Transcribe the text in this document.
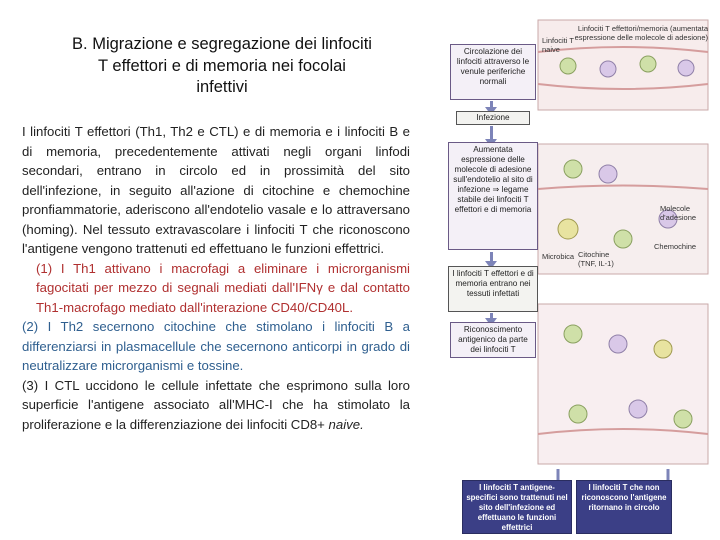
B. Migrazione e segregazione dei linfociti
T effettori e di memoria nei focolai
infettivi

I linfociti T effettori (Th1, Th2 e CTL) e di memoria e i linfociti B e di memoria, precedentemente attivati negli organi linfodi secondari, entrano in circolo ed in prossimità del sito dell'infezione, in seguito all'azione di citochine e chemochine pronfiammatorie, aderiscono all'endotelio vasale e lo attraversano (homing). Nel tessuto extravascolare i linfociti T che riconoscono l'antigene vengono trattenuti ed effettuano le funzioni effettrici.

(1) I Th1 attivano i macrofagi a eliminare i microrganismi fagocitati per mezzo di segnali mediati dall'IFNγ e dal contatto Th1-macrofago mediato dall'interazione CD40/CD40L.

(2) I Th2 secernono citochine che stimolano i linfociti B a differenziarsi in plasmacellule che secernono anticorpi in grado di neutralizzare microrganismi e tossine.

(3) I CTL uccidono le cellule infettate che esprimono sulla loro superficie l'antigene associato all'MHC-I che ha stimolato la proliferazione e la differenziazione dei linfociti CD8+ naive.

Linfociti T effettori/memoria (aumentata espressione delle molecole di adesione)
Linfociti T naive
Circolazione dei linfociti attraverso le venule periferiche normali
Infezione
Aumentata espressione delle molecole di adesione sull'endotelio al sito di infezione ⇒ legame stabile dei linfociti T effettori e di memoria	Molecole d'adesione
Microbica Citochine (TNF, IL-1)
Chemochine
I linfociti T effettori e di memoria entrano nei tessuti infettati
Riconoscimento antigenico da parte dei linfociti T
I linfociti T antigene-specifici sono trattenuti nel sito dell'infezione ed effettuano le funzioni effettrici
I linfociti T che non riconoscono l'antigene ritornano in circolo
